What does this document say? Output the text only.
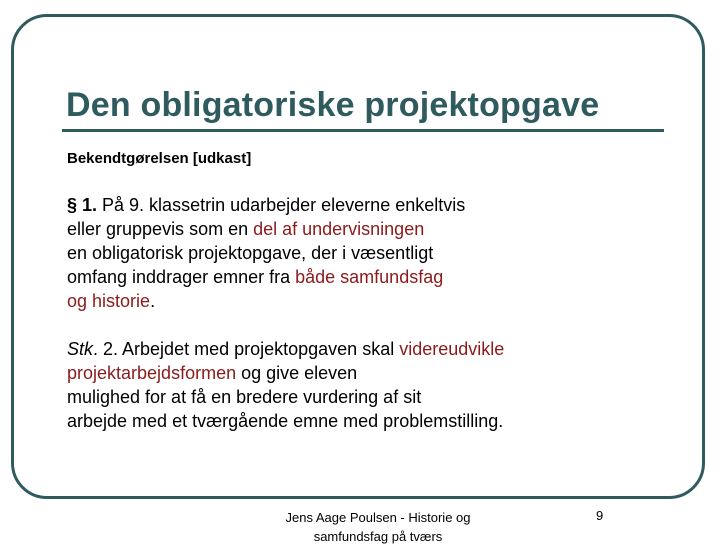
Den obligatoriske projektopgave
Bekendtgørelsen [udkast]
§ 1. På 9. klassetrin udarbejder eleverne enkeltvis
eller gruppevis som en del af undervisningen
en obligatorisk projektopgave, der i væsentligt
omfang inddrager emner fra både samfundsfag
og historie.
Stk. 2. Arbejdet med projektopgaven skal videreudvikle
projektarbejdsformen og give eleven
mulighed for at få en bredere vurdering af sit
arbejde med et tværgående emne med problemstilling.
Jens Aage Poulsen - Historie og samfundsfag på tværs
9
